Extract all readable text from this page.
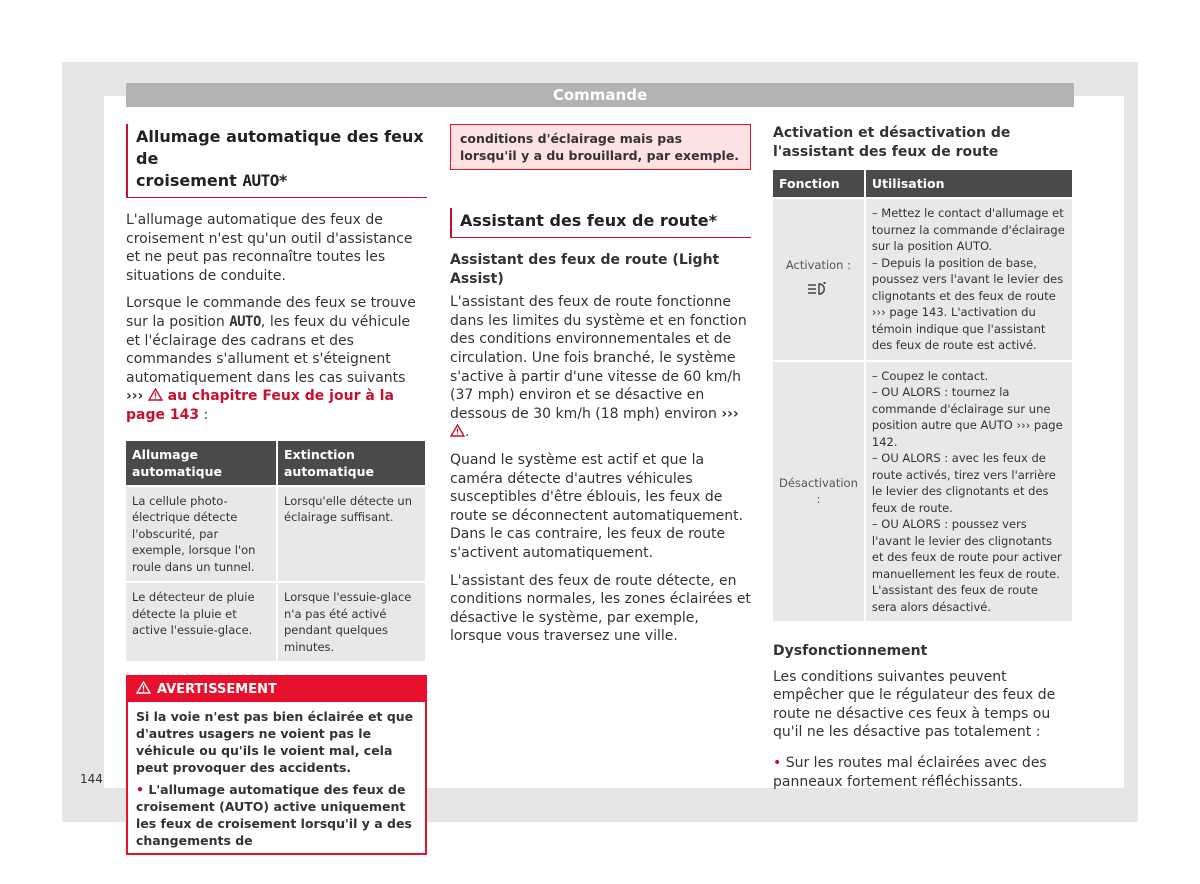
Commande
Allumage automatique des feux de
croisement AUTO*

L'allumage automatique des feux de croisement n'est qu'un outil d'assistance et ne peut pas reconnaître toutes les situations de conduite.

Lorsque le commande des feux se trouve sur la position AUTO, les feux du véhicule et l'éclairage des cadrans et des commandes s'allument et s'éteignent automatiquement dans les cas suivants ›››  au chapitre Feux de jour à la page 143 :

Allumage automatique	Extinction automatique
La cellule photo-électrique détecte l'obscurité, par exemple, lorsque l'on roule dans un tunnel.	Lorsqu'elle détecte un éclairage suffisant.
Le détecteur de pluie détecte la pluie et active l'essuie-glace.	Lorsque l'essuie-glace n'a pas été activé pendant quelques minutes.
AVERTISSEMENT

Si la voie n'est pas bien éclairée et que d'autres usagers ne voient pas le véhicule ou qu'ils le voient mal, cela peut provoquer des accidents.

• L'allumage automatique des feux de croisement (AUTO) active uniquement les feux de croisement lorsqu'il y a des changements de

conditions d'éclairage mais pas lorsqu'il y a du brouillard, par exemple.
Assistant des feux de route*

Assistant des feux de route (Light Assist)

L'assistant des feux de route fonctionne dans les limites du système et en fonction des conditions environnementales et de circulation. Une fois branché, le système s'active à partir d'une vitesse de 60 km/h (37 mph) environ et se désactive en dessous de 30 km/h (18 mph) environ ››› .

Quand le système est actif et que la caméra détecte d'autres véhicules susceptibles d'être éblouis, les feux de route se déconnectent automatiquement. Dans le cas contraire, les feux de route s'activent automatiquement.

L'assistant des feux de route détecte, en conditions normales, les zones éclairées et désactive le système, par exemple, lorsque vous traversez une ville.

Activation et désactivation de l'assistant des feux de route

Fonction	Utilisation

Activation :	– Mettez le contact d'allumage et tournez la commande d'éclairage sur la position AUTO.
– Depuis la position de base, poussez vers l'avant le levier des clignotants et des feux de route ››› page 143. L'activation du témoin indique que l'assistant des feux de route est activé.

Désactivation :	– Coupez le contact.
– OU ALORS : tournez la commande d'éclairage sur une position autre que AUTO ››› page 142.
– OU ALORS : avec les feux de route activés, tirez vers l'arrière le levier des clignotants et des feux de route.
– OU ALORS : poussez vers l'avant le levier des clignotants et des feux de route pour activer manuellement les feux de route. L'assistant des feux de route sera alors désactivé.

Dysfonctionnement

Les conditions suivantes peuvent empêcher que le régulateur des feux de route ne désactive ces feux à temps ou qu'il ne les désactive pas totalement :

• Sur les routes mal éclairées avec des panneaux fortement réfléchissants.

144
